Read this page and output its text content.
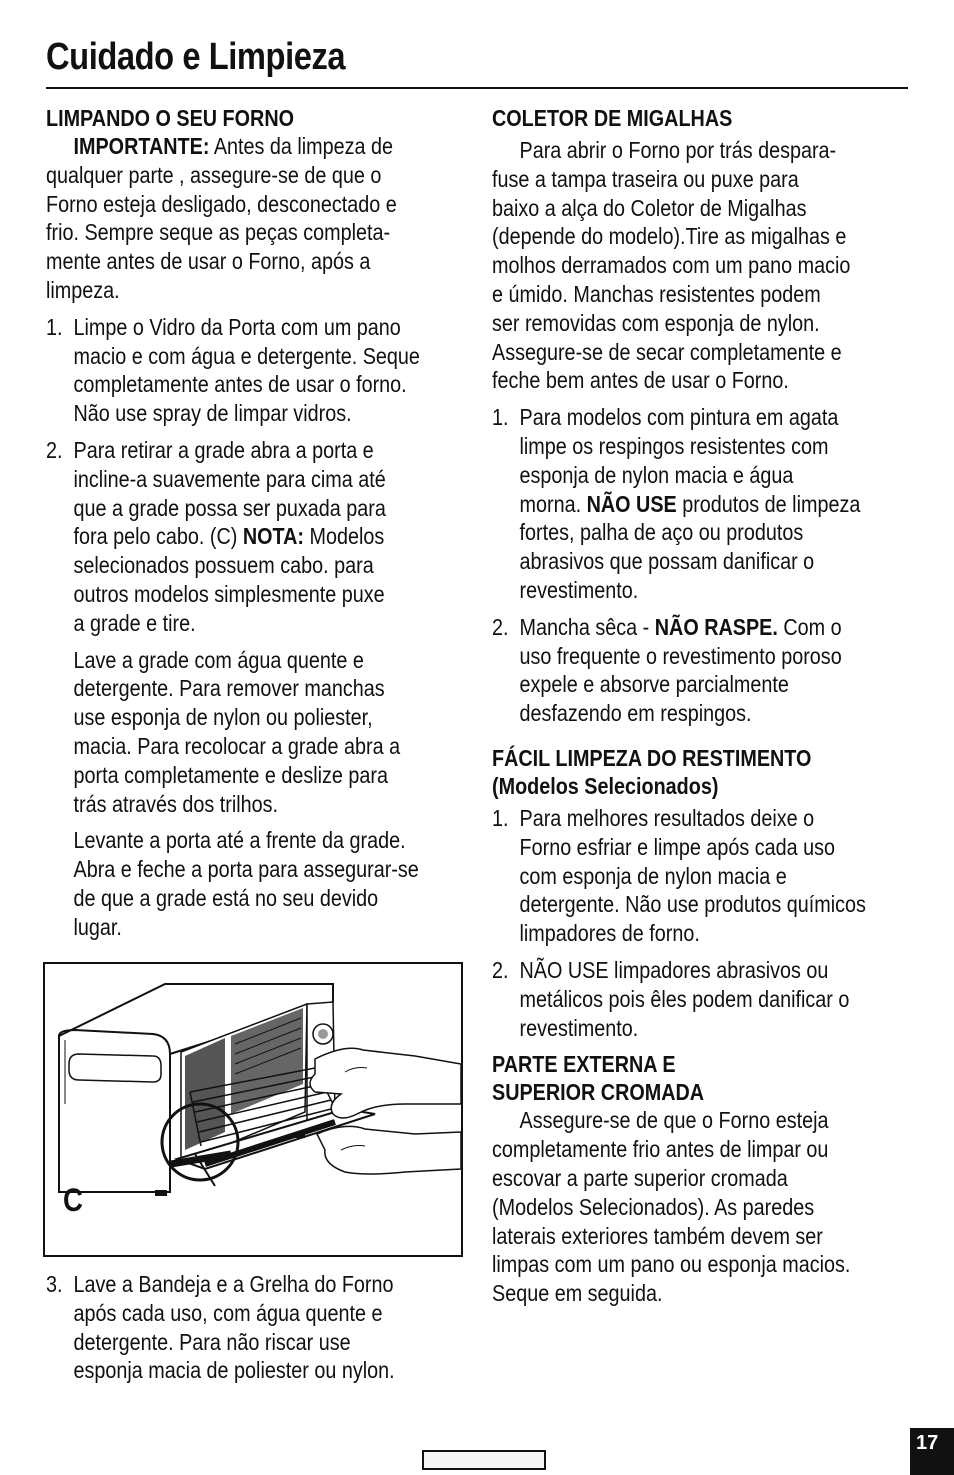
Cuidado e Limpieza

LIMPANDO O SEU FORNO

IMPORTANTE: Antes da limpeza de

qualquer parte , assegure-se de que o

Forno esteja desligado, desconectado e

frio. Sempre seque as peças completa-

mente antes de usar o Forno, após a

limpeza.

1. Limpe o Vidro da Porta com um pano

macio e com água e detergente. Seque

completamente antes de usar o forno.

Não use spray de limpar vidros.

2. Para retirar a grade abra a porta e

incline-a suavemente para cima até

que a grade possa ser puxada para

fora pelo cabo. (C) NOTA: Modelos

selecionados possuem cabo. para

outros modelos simplesmente puxe

a grade e tire.

Lave a grade com água quente e

detergente. Para remover manchas

use esponja de nylon ou poliester,

macia. Para recolocar a grade abra a

porta completamente e deslize para

trás através dos trilhos.

Levante a porta até a frente da grade.

Abra e feche a porta para assegurar-se

de que a grade está no seu devido

lugar.

C
3. Lave a Bandeja e a Grelha do Forno

após cada uso, com água quente e

detergente. Para não riscar use

esponja macia de poliester ou nylon.

COLETOR DE MIGALHAS

Para abrir o Forno por trás despara-

fuse a tampa traseira ou puxe para

baixo a alça do Coletor de Migalhas

(depende do modelo).Tire as migalhas e

molhos derramados com um pano macio

e úmido. Manchas resistentes podem

ser removidas com esponja de nylon.

Assegure-se de secar completamente e

feche bem antes de usar o Forno.

1. Para modelos com pintura em agata

limpe os respingos resistentes com

esponja de nylon macia e água

morna. NÃO USE produtos de limpeza

fortes, palha de aço ou produtos

abrasivos que possam danificar o

revestimento.

2. Mancha sêca - NÃO RASPE. Com o

uso frequente o revestimento poroso

expele e absorve parcialmente

desfazendo em respingos.

FÁCIL LIMPEZA DO RESTIMENTO

(Modelos Selecionados)

1. Para melhores resultados deixe o

Forno esfriar e limpe após cada uso

com esponja de nylon macia e

detergente. Não use produtos químicos

limpadores de forno.

2. NÃO USE limpadores abrasivos ou

metálicos pois êles podem danificar o

revestimento.

PARTE EXTERNA E

SUPERIOR CROMADA

Assegure-se de que o Forno esteja

completamente frio antes de limpar ou

escovar a parte superior cromada

(Modelos Selecionados). As paredes

laterais exteriores também devem ser

limpas com um pano ou esponja macios.

Seque em seguida.

17
